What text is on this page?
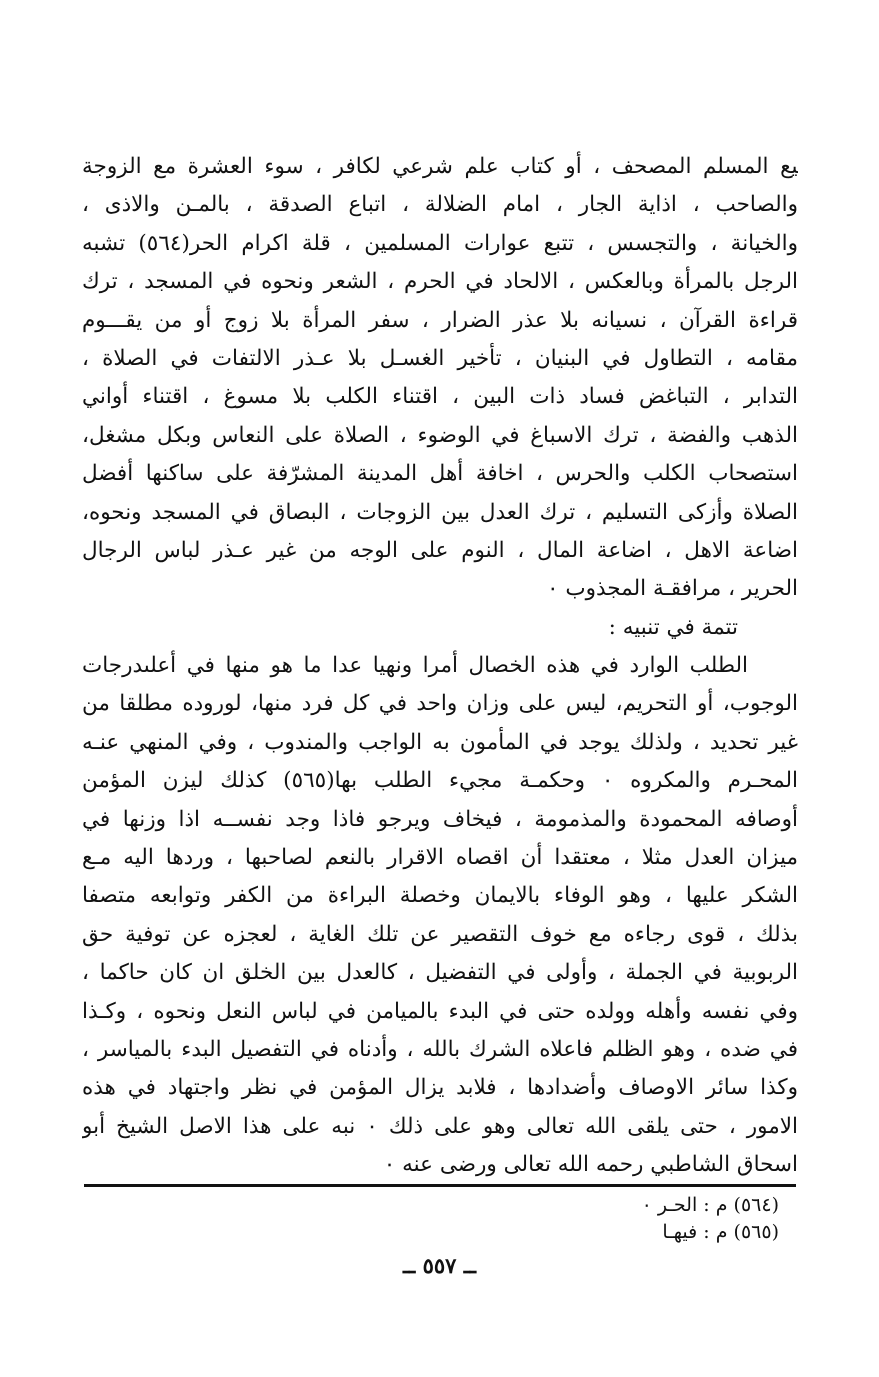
ﻴﻊ المسلم المصحف ، أو كتاب علم شرعي لكافر ، سوء العشرة مع الزوجة
والصاحب ، اذاية الجار ، امام الضلالة ، اتباع الصدقة ، بالمـن والاذى ،
والخيانة ، والتجسس ، تتبع عوارات المسلمين ، قلة اكرام الحر(٥٦٤) تشبه
الرجل بالمرأة وبالعكس ، الالحاد في الحرم ، الشعر ونحوه في المسجد ، ترك
قراءة القرآن ، نسيانه بلا عذر الضرار ، سفر المرأة بلا زوج أو من يقـــوم
مقامه ، التطاول في البنيان ، تأخير الغسـل بلا عـذر الالتفات في الصلاة ،
التدابر ، التباغض فساد ذات البين ، اقتناء الكلب بلا مسوغ ، اقتناء أواني
الذهب والفضة ، ترك الاسباغ في الوضوء ، الصلاة على النعاس وبكل مشغل،
استصحاب الكلب والحرس ، اخافة أهل المدينة المشرّفة على ساكنها أفضل
الصلاة وأزكى التسليم ، ترك العدل بين الزوجات ، البصاق في المسجد ونحوه،
اضاعة الاهل ، اضاعة المال ، النوم على الوجه من غير عـذر لباس الرجال
الحرير ، مرافقـة المجذوب ٠
تتمة في تنبيه :
الطلب الوارد في هذه الخصال أمرا ونهيا عدا ما هو منها في أعلىدرجات
الوجوب، أو التحريم، ليس على وزان واحد في كل فرد منها، لوروده مطلقا من
غير تحديد ، ولذلك يوجد في المأمون به الواجب والمندوب ، وفي المنهي عنـه
المحـرم والمكروه ٠ وحكمـة مجيء الطلب بها(٥٦٥) كذلك ليزن المؤمن
أوصافه المحمودة والمذمومة ، فيخاف ويرجو فاذا وجد نفســه اذا وزنها في
ميزان العدل مثلا ، معتقدا أن اقصاه الاقرار بالنعم لصاحبها ، وردها اليه مـع
الشكر عليها ، وهو الوفاء بالايمان وخصلة البراءة من الكفر وتوابعه متصفا
بذلك ، قوى رجاءه مع خوف التقصير عن تلك الغاية ، لعجزه عن توفية حق
الربوبية في الجملة ، وأولى في التفضيل ، كالعدل بين الخلق ان كان حاكما ،
وفي نفسه وأهله وولده حتى في البدء بالميامن في لباس النعل ونحوه ، وكـذا
في ضده ، وهو الظلم فاعلاه الشرك بالله ، وأدناه في التفصيل البدء بالمياسر ،
وكذا سائر الاوصاف وأضدادها ، فلابد يزال المؤمن في نظر واجتهاد في هذه
الامور ، حتى يلقى الله تعالى وهو على ذلك ٠ نبه على هذا الاصل الشيخ أبو
اسحاق الشاطبي رحمه الله تعالى ورضى عنه ٠
(٥٦٤) م : الحـر ٠
(٥٦٥) م : فيهـا
ــ ٥٥٧ ــ
